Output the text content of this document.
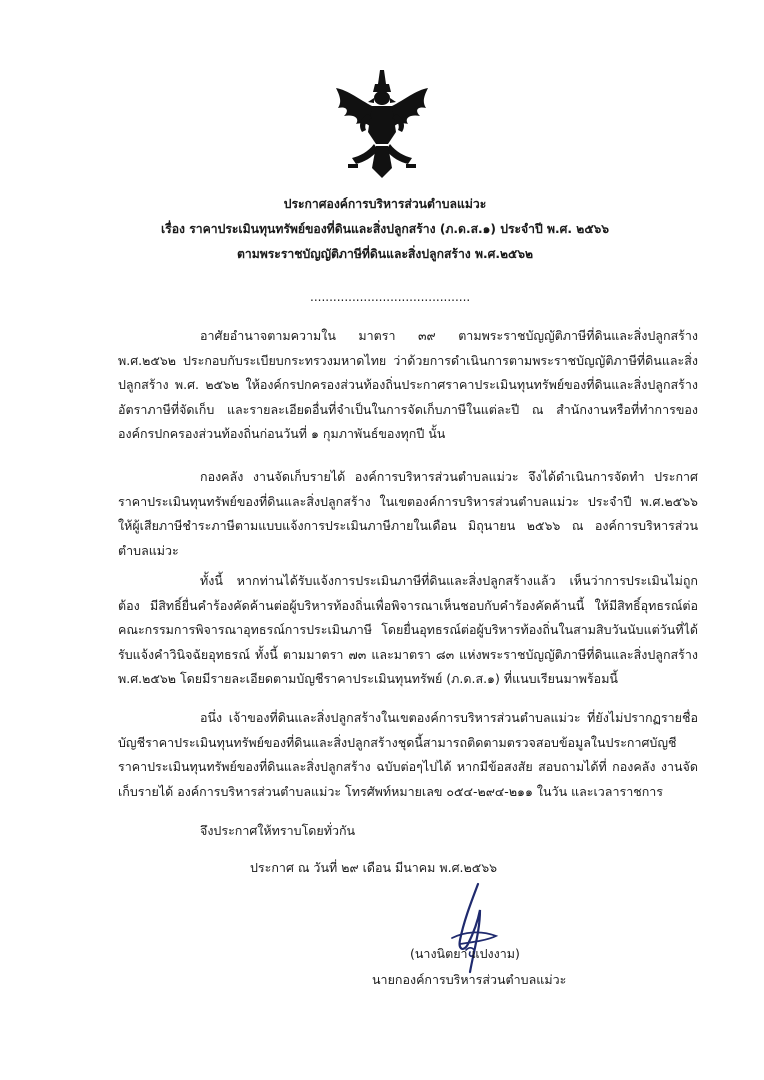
ประกาศองค์การบริหารส่วนตำบลแม่วะ
เรื่อง ราคาประเมินทุนทรัพย์ของที่ดินและสิ่งปลูกสร้าง (ภ.ด.ส.๑) ประจำปี พ.ศ. ๒๕๖๖
ตามพระราชบัญญัติภาษีที่ดินและสิ่งปลูกสร้าง พ.ศ.๒๕๖๒
..........................................
อาศัยอำนาจตามความใน มาตรา ๓๙ ตามพระราชบัญญัติภาษีที่ดินและสิ่งปลูกสร้าง พ.ศ.๒๕๖๒ ประกอบกับระเบียบกระทรวงมหาดไทย ว่าด้วยการดำเนินการตามพระราชบัญญัติภาษีที่ดินและสิ่งปลูกสร้าง พ.ศ. ๒๕๖๒ ให้องค์กรปกครองส่วนท้องถิ่นประกาศราคาประเมินทุนทรัพย์ของที่ดินและสิ่งปลูกสร้าง อัตราภาษีที่จัดเก็บ และรายละเอียดอื่นที่จำเป็นในการจัดเก็บภาษีในแต่ละปี ณ สำนักงานหรือที่ทำการขององค์กรปกครองส่วนท้องถิ่นก่อนวันที่ ๑ กุมภาพันธ์ของทุกปี นั้น
กองคลัง งานจัดเก็บรายได้ องค์การบริหารส่วนตำบลแม่วะ จึงได้ดำเนินการจัดทำ ประกาศราคาประเมินทุนทรัพย์ของที่ดินและสิ่งปลูกสร้าง ในเขตองค์การบริหารส่วนตำบลแม่วะ ประจำปี พ.ศ.๒๕๖๖ ให้ผู้เสียภาษีชำระภาษีตามแบบแจ้งการประเมินภาษีภายในเดือน มิถุนายน ๒๕๖๖ ณ องค์การบริหารส่วนตำบลแม่วะ
ทั้งนี้ หากท่านได้รับแจ้งการประเมินภาษีที่ดินและสิ่งปลูกสร้างแล้ว เห็นว่าการประเมินไม่ถูกต้อง มีสิทธิ์ยื่นคำร้องคัดค้านต่อผู้บริหารท้องถิ่นเพื่อพิจารณาเห็นชอบกับคำร้องคัดค้านนี้ ให้มีสิทธิ์อุทธรณ์ต่อคณะกรรมการพิจารณาอุทธรณ์การประเมินภาษี โดยยื่นอุทธรณ์ต่อผู้บริหารท้องถิ่นในสามสิบวันนับแต่วันที่ได้รับแจ้งคำวินิจฉัยอุทธรณ์ ทั้งนี้ ตามมาตรา ๗๓ และมาตรา ๘๓ แห่งพระราชบัญญัติภาษีที่ดินและสิ่งปลูกสร้าง พ.ศ.๒๕๖๒ โดยมีรายละเอียดตามบัญชีราคาประเมินทุนทรัพย์ (ภ.ด.ส.๑) ที่แนบเรียนมาพร้อมนี้
อนึ่ง เจ้าของที่ดินและสิ่งปลูกสร้างในเขตองค์การบริหารส่วนตำบลแม่วะ ที่ยังไม่ปรากฏรายชื่อบัญชีราคาประเมินทุนทรัพย์ของที่ดินและสิ่งปลูกสร้างชุดนี้สามารถติดตามตรวจสอบข้อมูลในประกาศบัญชีราคาประเมินทุนทรัพย์ของที่ดินและสิ่งปลูกสร้าง ฉบับต่อๆไปได้ หากมีข้อสงสัย สอบถามได้ที่ กองคลัง งานจัดเก็บรายได้ องค์การบริหารส่วนตำบลแม่วะ โทรศัพท์หมายเลข ๐๕๔-๒๙๔-๒๑๑ ในวัน และเวลาราชการ
จึงประกาศให้ทราบโดยทั่วกัน
ประกาศ ณ วันที่ ๒๙ เดือน มีนาคม พ.ศ.๒๕๖๖
(นางนิตยา แปงงาม)
นายกองค์การบริหารส่วนตำบลแม่วะ
